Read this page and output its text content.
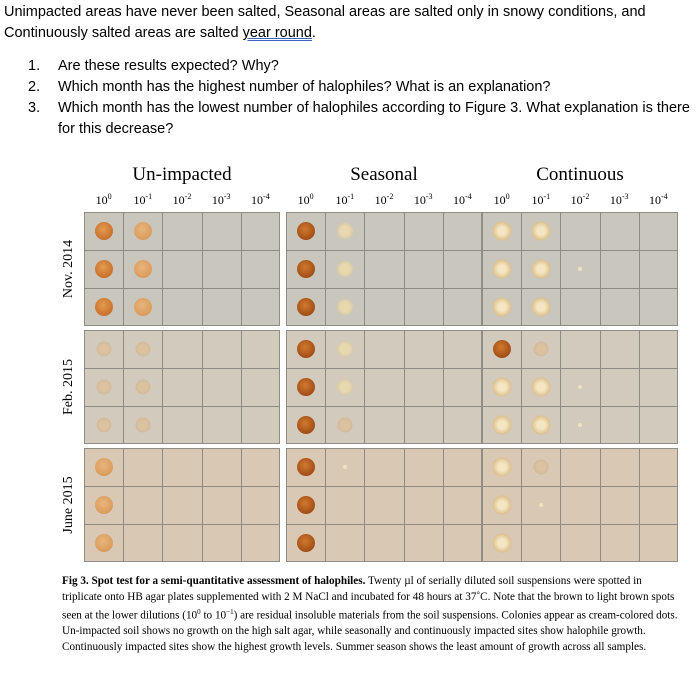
Unimpacted areas have never been salted, Seasonal areas are salted only in snowy conditions, and Continuously salted areas are salted year round.
1.	Are these results expected? Why?
2.	Which month has the highest number of halophiles? What is an explanation?
3.	Which month has the lowest number of halophiles according to Figure 3. What explanation is there for this decrease?
Fig 3. Spot test for a semi-quantitative assessment of halophiles. Twenty µl of serially diluted soil suspensions were spotted in triplicate onto HB agar plates supplemented with 2 M NaCl and incubated for 48 hours at 37˚C. Note that the brown to light brown spots seen at the lower dilutions ($10^0$ to $10^{-1}$) are residual insoluble materials from the soil suspensions. Colonies appear as cream-colored dots. Un-impacted soil shows no growth on the high salt agar, while seasonally and continuously impacted sites show halophile growth. Continuously impacted sites show the highest growth levels. Summer season shows the least amount of growth across all samples.
Un-impacted	Seasonal	Continuous
$10^0$	$10^{-1}$	$10^{-2}$	$10^{-3}$	$10^{-4}$	$10^0$	$10^{-1}$	$10^{-2}$	$10^{-3}$	$10^{-4}$	$10^0$	$10^{-1}$	$10^{-2}$	$10^{-3}$	$10^{-4}$
Nov. 2014
Feb. 2015
June 2015
